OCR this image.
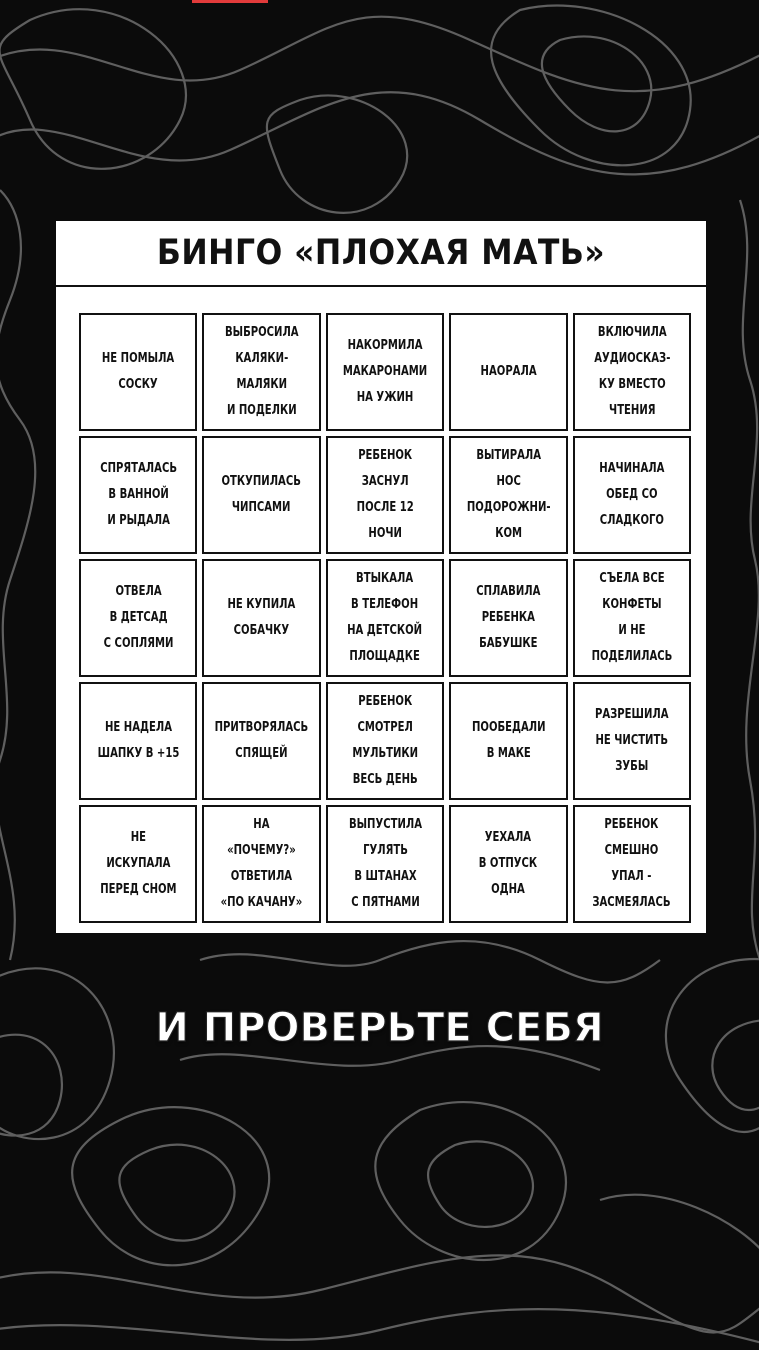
БИНГО «ПЛОХАЯ МАТЬ»
НЕ ПОМЫЛА
СОСКУ
ВЫБРОСИЛА
КАЛЯКИ-
МАЛЯКИ
И ПОДЕЛКИ
НАКОРМИЛА
МАКАРОНАМИ
НА УЖИН
НАОРАЛА
ВКЛЮЧИЛА
АУДИОСКАЗ-
КУ ВМЕСТО
ЧТЕНИЯ
СПРЯТАЛАСЬ
В ВАННОЙ
И РЫДАЛА
ОТКУПИЛАСЬ
ЧИПСАМИ
РЕБЕНОК
ЗАСНУЛ
ПОСЛЕ 12
НОЧИ
ВЫТИРАЛА
НОС
ПОДОРОЖНИ-
КОМ
НАЧИНАЛА
ОБЕД СО
СЛАДКОГО
ОТВЕЛА
В ДЕТСАД
С СОПЛЯМИ
НЕ КУПИЛА
СОБАЧКУ
ВТЫКАЛА
В ТЕЛЕФОН
НА ДЕТСКОЙ
ПЛОЩАДКЕ
СПЛАВИЛА
РЕБЕНКА
БАБУШКЕ
СЪЕЛА ВСЕ
КОНФЕТЫ
И НЕ
ПОДЕЛИЛАСЬ
НЕ НАДЕЛА
ШАПКУ В +15
ПРИТВОРЯЛАСЬ
СПЯЩЕЙ
РЕБЕНОК
СМОТРЕЛ
МУЛЬТИКИ
ВЕСЬ ДЕНЬ
ПООБЕДАЛИ
В МАКЕ
РАЗРЕШИЛА
НЕ ЧИСТИТЬ
ЗУБЫ
НЕ
ИСКУПАЛА
ПЕРЕД СНОМ
НА
«ПОЧЕМУ?»
ОТВЕТИЛА
«ПО КАЧАНУ»
ВЫПУСТИЛА
ГУЛЯТЬ
В ШТАНАХ
С ПЯТНАМИ
УЕХАЛА
В ОТПУСК
ОДНА
РЕБЕНОК
СМЕШНО
УПАЛ -
ЗАСМЕЯЛАСЬ
И ПРОВЕРЬТЕ СЕБЯ
